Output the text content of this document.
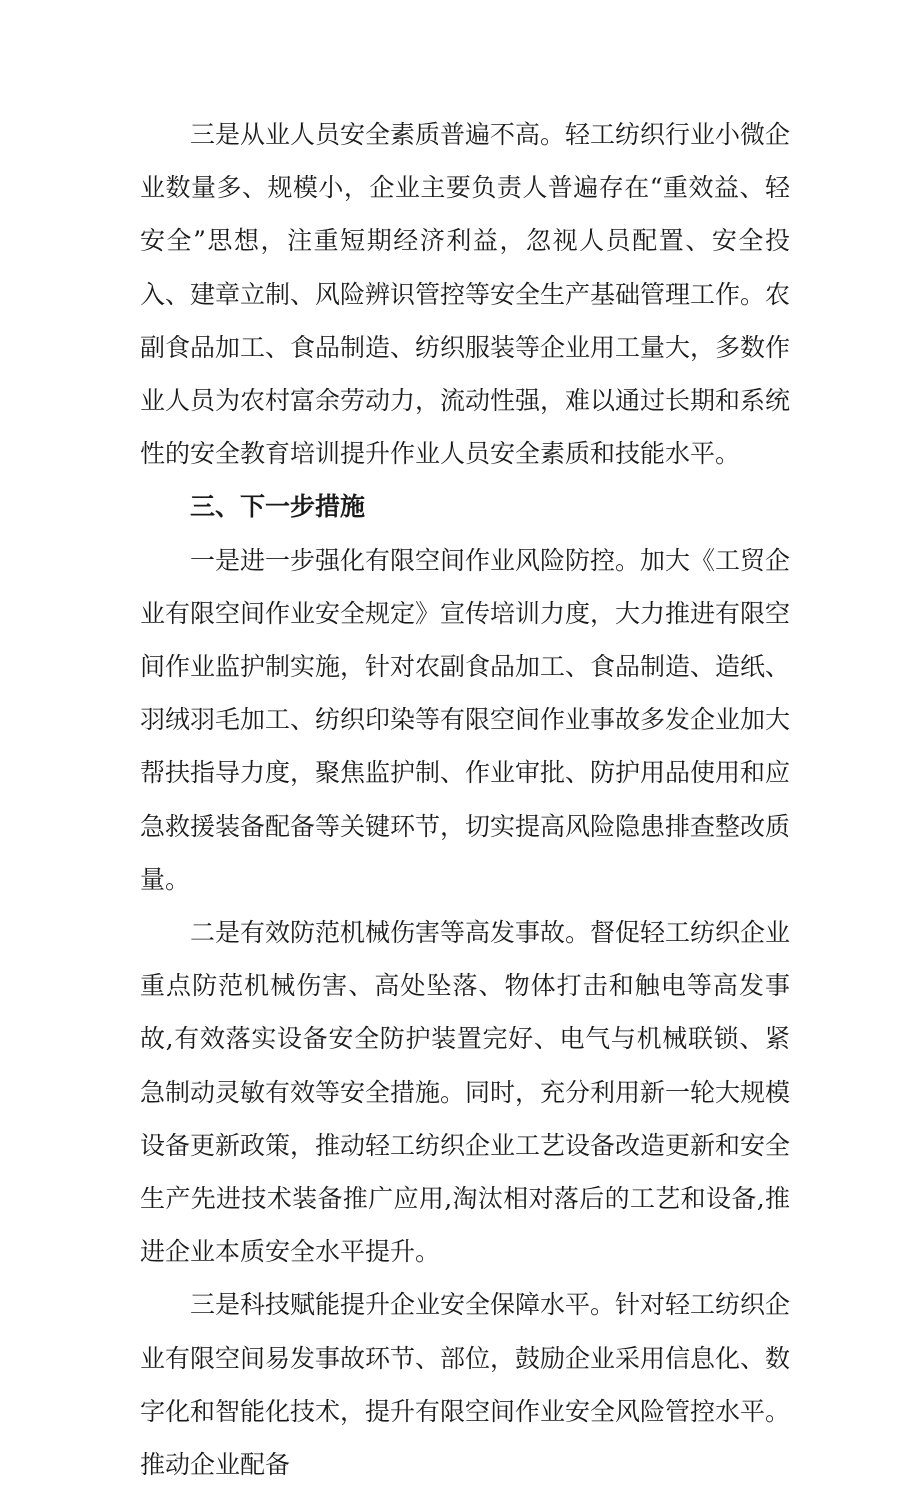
三是从业人员安全素质普遍不高。轻工纺织行业小微企业数量多、规模小，企业主要负责人普遍存在“重效益、轻安全”思想，注重短期经济利益，忽视人员配置、安全投入、建章立制、风险辨识管控等安全生产基础管理工作。农副食品加工、食品制造、纺织服装等企业用工量大，多数作业人员为农村富余劳动力，流动性强，难以通过长期和系统性的安全教育培训提升作业人员安全素质和技能水平。

三、下一步措施

一是进一步强化有限空间作业风险防控。加大《工贸企业有限空间作业安全规定》宣传培训力度，大力推进有限空间作业监护制实施，针对农副食品加工、食品制造、造纸、羽绒羽毛加工、纺织印染等有限空间作业事故多发企业加大帮扶指导力度，聚焦监护制、作业审批、防护用品使用和应急救援装备配备等关键环节，切实提高风险隐患排查整改质量。

二是有效防范机械伤害等高发事故。督促轻工纺织企业重点防范机械伤害、高处坠落、物体打击和触电等高发事故,有效落实设备安全防护装置完好、电气与机械联锁、紧急制动灵敏有效等安全措施。同时，充分利用新一轮大规模设备更新政策，推动轻工纺织企业工艺设备改造更新和安全生产先进技术装备推广应用,淘汰相对落后的工艺和设备,推进企业本质安全水平提升。

三是科技赋能提升企业安全保障水平。针对轻工纺织企业有限空间易发事故环节、部位，鼓励企业采用信息化、数字化和智能化技术，提升有限空间作业安全风险管控水平。推动企业配备
